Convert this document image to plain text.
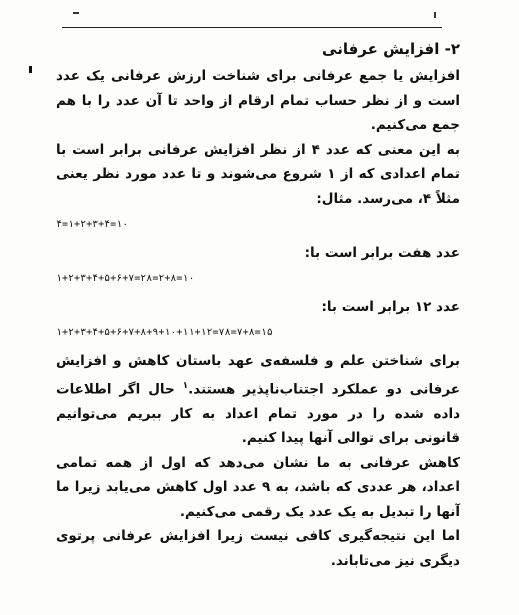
۲- افزایش عرفانی

افزایش یا جمع عرفانی برای شناخت ارزش عرفانی یک عدد است و از نظر حساب تمام ارقام از واحد تا آن عدد را با هم جمع می‌کنیم.

به این معنی که عدد ۴ از نظر افزایش عرفانی برابر است با تمام اعدادی که از ۱ شروع می‌شوند و تا عدد مورد نظر یعنی مثلاً ۴، می‌رسد. مثال:

۴=۱+۲+۳+۴=۱۰

عدد هفت برابر است با:

۱+۲+۳+۴+۵+۶+۷=۲۸=۲+۸=۱۰

عدد ۱۲ برابر است با:

۱+۲+۳+۴+۵+۶+۷+۸+۹+۱۰+۱۱+۱۲=۷۸=۷+۸=۱۵

برای شناختن علم و فلسفه‌ی عهد باستان کاهش و افزایش عرفانی دو عملکرد اجتناب‌ناپذیر هستند.$^۱$ حال اگر اطلاعات داده شده را در مورد تمام اعداد به کار ببریم می‌توانیم قانونی برای توالی آنها پیدا کنیم.

کاهش عرفانی به ما نشان می‌دهد که اول از همه تمامی اعداد، هر عددی که باشد، به ۹ عدد اول کاهش می‌یابد زیرا ما آنها را تبدیل به یک عدد یک رقمی می‌کنیم.

اما این نتیجه‌گیری کافی نیست زیرا افزایش عرفانی پرتوی دیگری نیز می‌تاباند.
